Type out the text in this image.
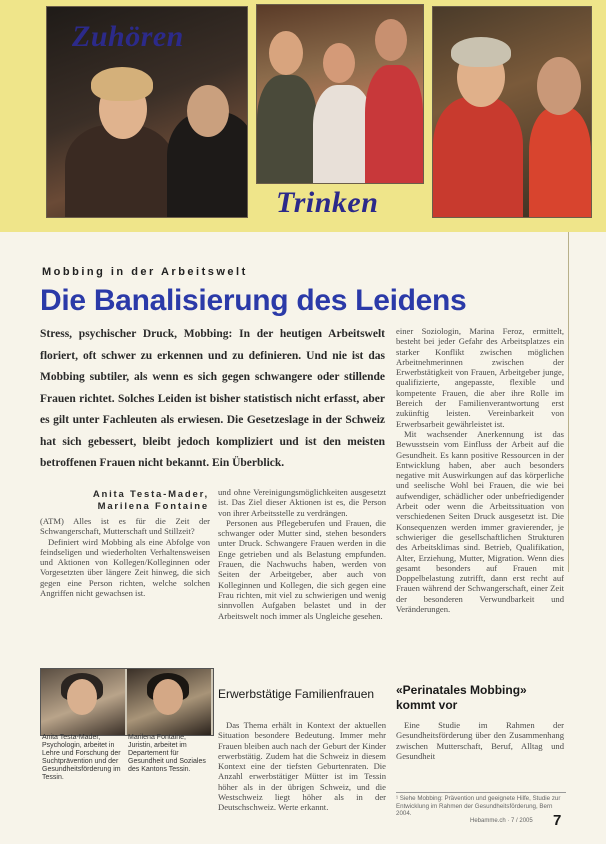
Zuhören
Trinken
Mobbing in der Arbeitswelt
Die Banalisierung des Leidens
Stress, psychischer Druck, Mobbing: In der heutigen Arbeitswelt floriert, oft schwer zu erkennen und zu definieren. Und nie ist das Mobbing subtiler, als wenn es sich gegen schwangere oder stillende Frauen richtet. Solches Leiden ist bisher statistisch nicht erfasst, aber es gilt unter Fachleuten als erwiesen. Die Gesetzeslage in der Schweiz hat sich gebessert, bleibt jedoch kompliziert und ist den meisten betroffenen Frauen nicht bekannt. Ein Überblick.
Anita Testa-Mader,
Marilena Fontaine

(ATM) Alles ist es für die Zeit der Schwangerschaft, Mutterschaft und Stillzeit?

Definiert wird Mobbing als eine Abfolge von feindseligen und wiederholten Verhaltensweisen und Aktionen von Kollegen/Kolleginnen oder Vorgesetzten über längere Zeit hinweg, die sich gegen eine Person richten, welche solchen Angriffen nicht gewachsen ist.

Anita Testa-Mader, Psychologin, arbeitet in Lehre und Forschung der Suchtprävention und der Gesundheitsförderung im Tessin.
Marilena Fontaine, Juristin, arbeitet im Departement für Gesundheit und Soziales des Kantons Tessin.

und ohne Vereinigungsmöglichkeiten ausgesetzt ist. Das Ziel dieser Aktionen ist es, die Person von ihrer Arbeitsstelle zu verdrängen.

Personen aus Pflegeberufen und Frauen, die schwanger oder Mutter sind, stehen besonders unter Druck. Schwangere Frauen werden in die Enge getrieben und als Belastung empfunden. Frauen, die Nachwuchs haben, werden von Seiten der Arbeitgeber, aber auch von Kolleginnen und Kollegen, die sich gegen eine Frau richten, mit viel zu schwierigen und wenig sinnvollen Aufgaben belastet und in der Arbeitswelt noch immer als Ungleiche gesehen.

Erwerbstätige Familienfrauen

Das Thema erhält in Kontext der aktuellen Situation besondere Bedeutung. Immer mehr Frauen bleiben auch nach der Geburt der Kinder erwerbstätig. Zudem hat die Schweiz in diesem Kontext eine der tiefsten Geburtenraten. Die Anzahl erwerbstätiger Mütter ist im Tessin höher als in der übrigen Schweiz, und die Westschweiz liegt höher als in der Deutschschweiz. Werte erkannt.

einer Soziologin, Marina Feroz, ermittelt, besteht bei jeder Gefahr des Arbeitsplatzes ein starker Konflikt zwischen möglichen Arbeitnehmerinnen zwischen der Erwerbstätigkeit von Frauen, Arbeitgeber junge, qualifizierte, angepasste, flexible und kompetente Frauen, die aber ihre Rolle im Bereich der Familienverantwortung erst zukünftig leisten. Vereinbarkeit von Erwerbsarbeit gewährleistet ist.

Mit wachsender Anerkennung ist das Bewusstsein vom Einfluss der Arbeit auf die Gesundheit. Es kann positive Ressourcen in der Entwicklung haben, aber auch besonders negative mit Auswirkungen auf das körperliche und seelische Wohl bei Frauen, die wie bei aufwendiger, schädlicher oder unbefriedigender Arbeit oder wenn die Arbeitssituation von verschiedenen Seiten Druck ausgesetzt ist. Die Konsequenzen werden immer gravierender, je schwieriger die gesellschaftlichen Strukturen des Arbeitsklimas sind. Betrieb, Qualifikation, Alter, Erziehung, Mutter, Migration. Wenn dies gesamt besonders auf Frauen mit Doppelbelastung zutrifft, dann erst recht auf Frauen während der Schwangerschaft, einer Zeit der besonderen Verwundbarkeit und Veränderungen.

«Perinatales Mobbing» kommt vor

Eine Studie im Rahmen der Gesundheitsförderung über den Zusammenhang zwischen Mutterschaft, Beruf, Alltag und Gesundheit

¹ Siehe Mobbing: Prävention und geeignete Hilfe, Studie zur Entwicklung im Rahmen der Gesundheitsförderung, Bern 2004.
Hebamme.ch · 7 / 2005 7
